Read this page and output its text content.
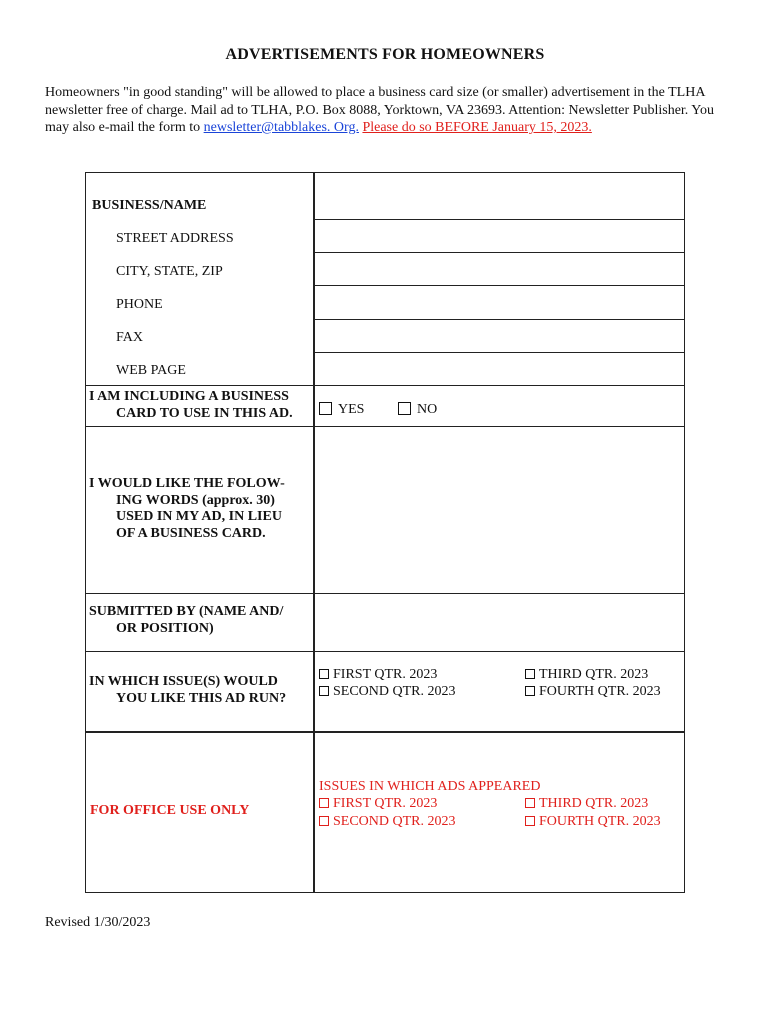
ADVERTISEMENTS FOR HOMEOWNERS
Homeowners "in good standing" will be allowed to place a business card size (or smaller) advertisement in the TLHA newsletter free of charge. Mail ad to TLHA, P.O. Box 8088, Yorktown, VA 23693. Attention: Newsletter Publisher. You may also e-mail the form to newsletter@tabblakes. Org. Please do so BEFORE January 15, 2023.
BUSINESS/NAME
STREET ADDRESS
CITY, STATE, ZIP
PHONE
FAX
WEB PAGE
I AM INCLUDING A BUSINESS
CARD TO USE IN THIS AD.
I WOULD LIKE THE FOLOW-
ING WORDS (approx. 30)
USED IN MY AD, IN LIEU
OF A BUSINESS CARD.
SUBMITTED BY (NAME AND/
OR POSITION)
IN WHICH ISSUE(S) WOULD
YOU LIKE THIS AD RUN?
FOR OFFICE USE ONLY
YES	NO
FIRST QTR. 2023
SECOND QTR. 2023
THIRD QTR. 2023
FOURTH QTR. 2023
ISSUES IN WHICH ADS APPEARED
FIRST QTR. 2023
SECOND QTR. 2023
THIRD QTR. 2023
FOURTH QTR. 2023
Revised 1/30/2023
